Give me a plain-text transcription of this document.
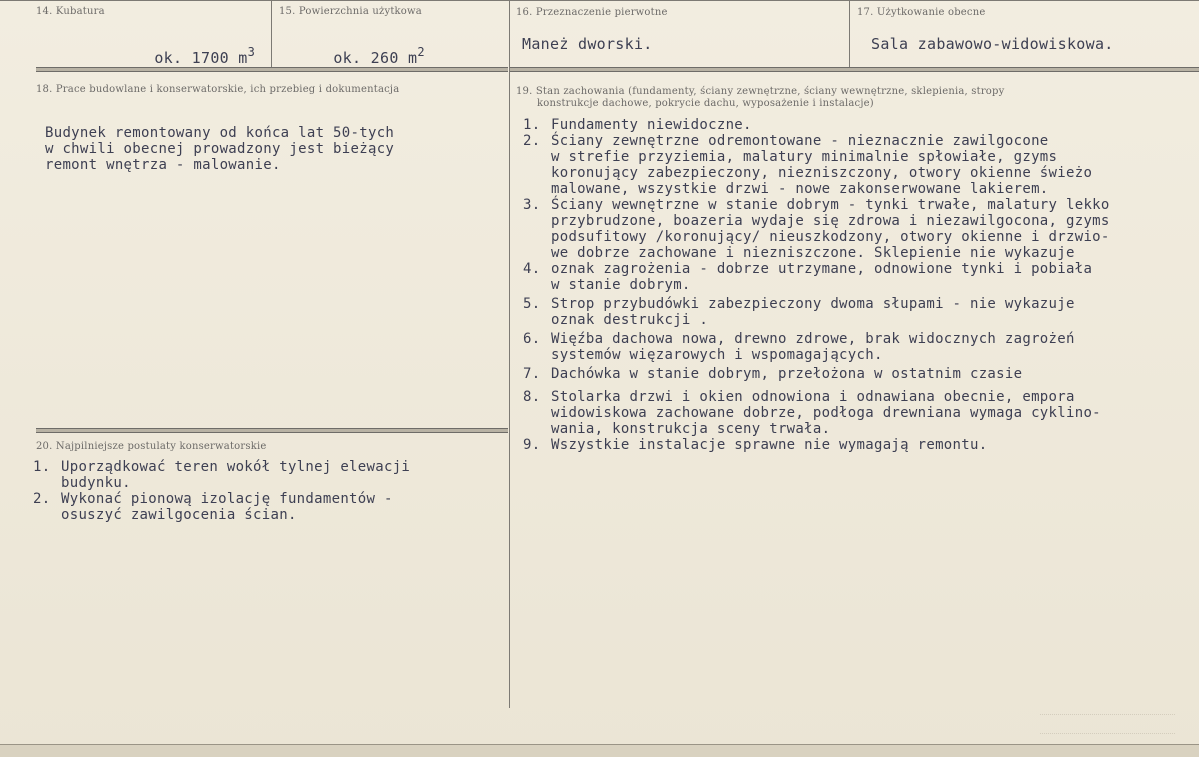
14. Kubatura

ok. 1700 $m^3$

15. Powierzchnia użytkowa

ok. 260 $m^2$

16. Przeznaczenie pierwotne
Maneż dworski.
17. Użytkowanie obecne
Sala zabawowo-widowiskowa.
18. Prace budowlane i konserwatorskie, ich przebieg i dokumentacja
Budynek remontowany od końca lat 50-tych
w chwili obecnej prowadzony jest bieżący
remont wnętrza - malowanie.
19. Stan zachowania (fundamenty, ściany zewnętrzne, ściany wewnętrzne, sklepienia, stropy
konstrukcje dachowe, pokrycie dachu, wyposażenie i instalacje)
1. Fundamenty niewidoczne.
2. Ściany zewnętrzne odremontowane - nieznacznie zawilgocone
w strefie przyziemia, malatury minimalnie spłowiałe, gzyms
koronujący zabezpieczony, niezniszczony, otwory okienne świeżo
malowane, wszystkie drzwi - nowe zakonserwowane lakierem.
3. Ściany wewnętrzne w stanie dobrym - tynki trwałe, malatury lekko
przybrudzone, boazeria wydaje się zdrowa i niezawilgocona, gzyms
podsufitowy /koronujący/ nieuszkodzony, otwory okienne i drzwio-
we dobrze zachowane i niezniszczone. Sklepienie nie wykazuje
4. oznak zagrożenia - dobrze utrzymane, odnowione tynki i pobiała
w stanie dobrym.
5. Strop przybudówki zabezpieczony dwoma słupami - nie wykazuje
oznak destrukcji .
6. Więźba dachowa nowa, drewno zdrowe, brak widocznych zagrożeń
systemów więzarowych i wspomagających.
7. Dachówka w stanie dobrym, przełożona w ostatnim czasie
8. Stolarka drzwi i okien odnowiona i odnawiana obecnie, empora
widowiskowa zachowane dobrze, podłoga drewniana wymaga cyklino-
wania, konstrukcja sceny trwała.
9. Wszystkie instalacje sprawne nie wymagają remontu.
20. Najpilniejsze postulaty konserwatorskie
1. Uporządkować teren wokół tylnej elewacji
budynku.
2. Wykonać pionową izolację fundamentów -
osuszyć zawilgocenia ścian.
